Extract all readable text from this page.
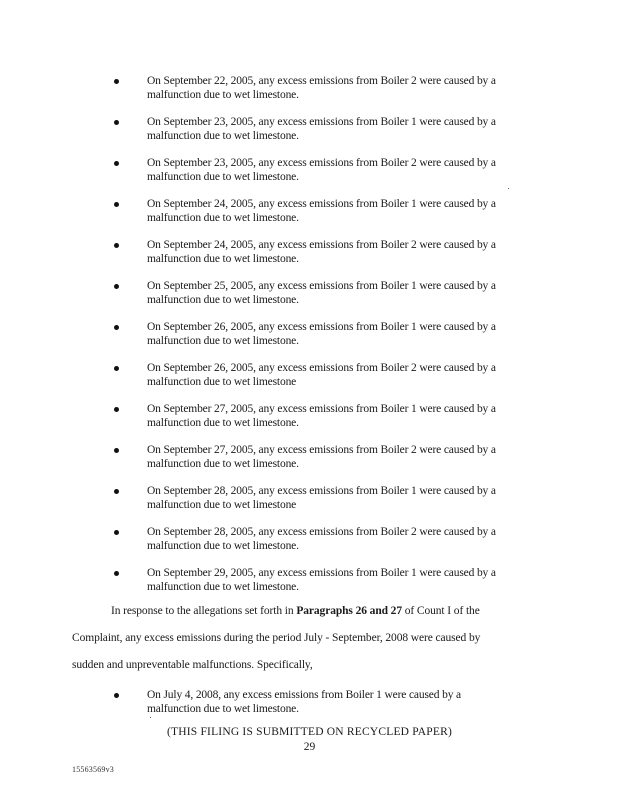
On September 22, 2005, any excess emissions from Boiler 2 were caused by a
malfunction due to wet limestone.
On September 23, 2005, any excess emissions from Boiler 1 were caused by a
malfunction due to wet limestone.
On September 23, 2005, any excess emissions from Boiler 2 were caused by a
malfunction due to wet limestone.
On September 24, 2005, any excess emissions from Boiler 1 were caused by a
malfunction due to wet limestone.
On September 24, 2005, any excess emissions from Boiler 2 were caused by a
malfunction due to wet limestone.
On September 25, 2005, any excess emissions from Boiler 1 were caused by a
malfunction due to wet limestone.
On September 26, 2005, any excess emissions from Boiler 1 were caused by a
malfunction due to wet limestone.
On September 26, 2005, any excess emissions from Boiler 2 were caused by a
malfunction due to wet limestone
On September 27, 2005, any excess emissions from Boiler 1 were caused by a
malfunction due to wet limestone.
On September 27, 2005, any excess emissions from Boiler 2 were caused by a
malfunction due to wet limestone.
On September 28, 2005, any excess emissions from Boiler 1 were caused by a
malfunction due to wet limestone
On September 28, 2005, any excess emissions from Boiler 2 were caused by a
malfunction due to wet limestone.
On September 29, 2005, any excess emissions from Boiler 1 were caused by a
malfunction due to wet limestone.
In response to the allegations set forth in Paragraphs 26 and 27 of Count I of the
Complaint, any excess emissions during the period July - September, 2008 were caused by
sudden and unpreventable malfunctions. Specifically,
On July 4, 2008, any excess emissions from Boiler 1 were caused by a
malfunction due to wet limestone.
(THIS FILING IS SUBMITTED ON RECYCLED PAPER)
29
15563569v3
